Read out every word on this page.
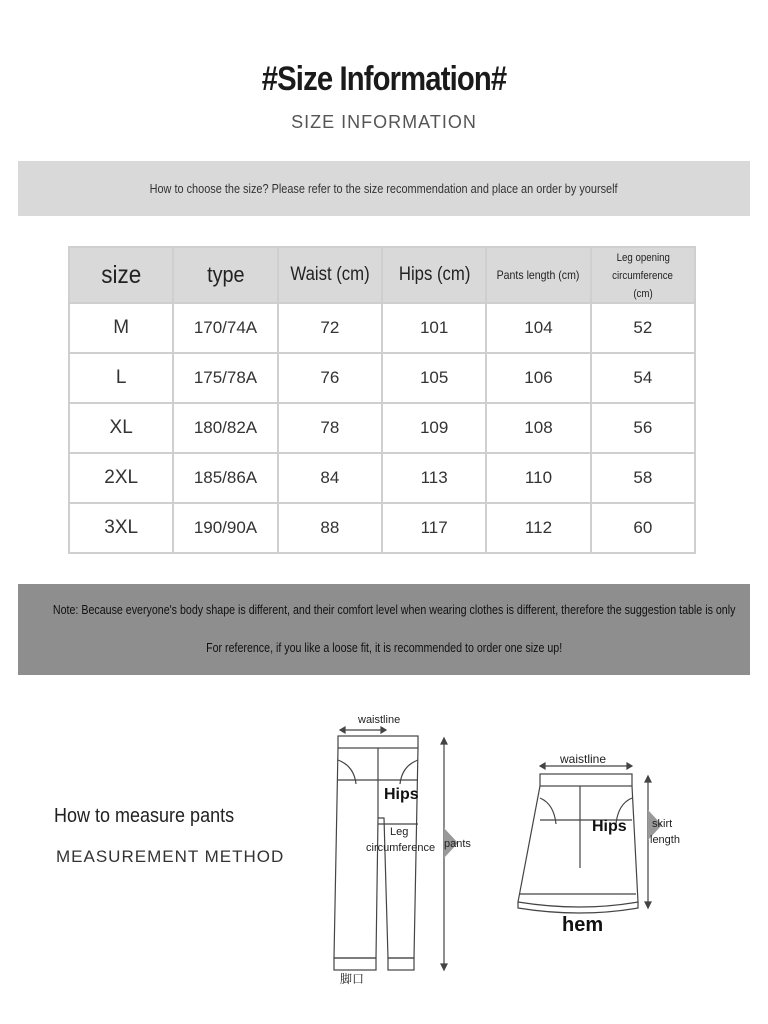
#Size Information#
SIZE INFORMATION
How to choose the size? Please refer to the size recommendation and place an order by yourself
size	type	Waist (cm)	Hips (cm)	Pants length (cm)	Leg opening
circumference
(cm)
M	170/74A	72	101	104	52
L	175/78A	76	105	106	54
XL	180/82A	78	109	108	56
2XL	185/86A	84	113	110	58
3XL	190/90A	88	117	112	60
Note: Because everyone's body shape is different, and their comfort level when wearing clothes is different, therefore the suggestion table is only
For reference, if you like a loose fit, it is recommended to order one size up!
How to measure pants
MEASUREMENT METHOD
waistline
Hips
Leg
circumference pants
脚口
waistline
Hips skirt
length
hem
